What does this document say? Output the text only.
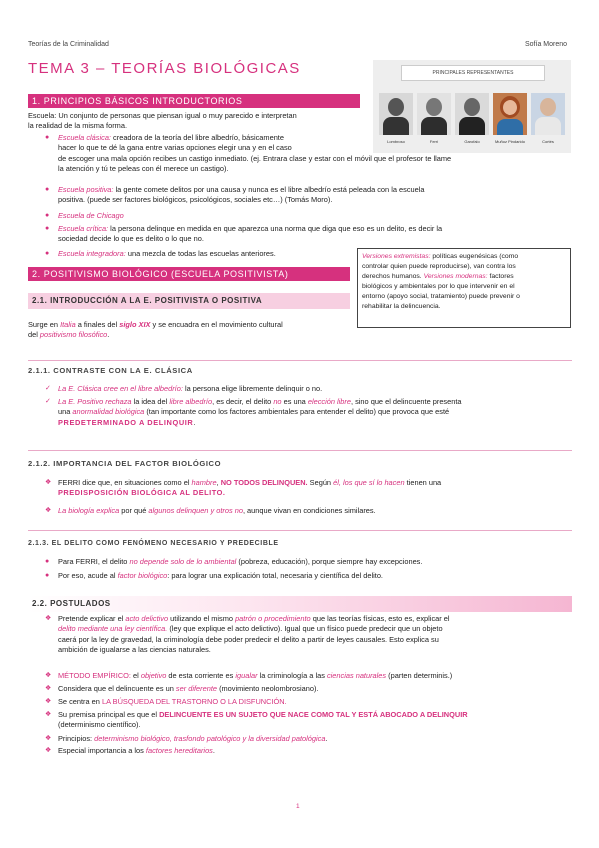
Teorías de la Criminalidad	Sofía Moreno
TEMA 3 – TEORÍAS BIOLÓGICAS	PRINCIPALES REPRESENTANTES
Lombroso	Ferri	Garofalo	Muñoz Pindarido	Cortés
1. PRINCIPIOS BÁSICOS INTRODUCTORIOS
Escuela: Un conjunto de personas que piensan igual o muy parecido e interpretan
la realidad de la misma forma.
● Escuela clásica: creadora de la teoría del libre albedrío, básicamente
hacer lo que te dé la gana entre varias opciones elegir una y en el caso
de escoger una mala opción recibes un castigo inmediato. (ej. Entrara clase y estar con el móvil que el profesor te llame
la atención y tú te peleas con él merece un castigo).
● Escuela positiva: la gente comete delitos por una causa y nunca es el libre albedrío está peleada con la escuela
positiva. (puede ser factores biológicos, psicológicos, sociales etc…) (Tomás Moro).
● Escuela de Chicago
● Escuela crítica: la persona delinque en medida en que aparezca una norma que diga que eso es un delito, es decir la
sociedad decide lo que es delito o lo que no.
● Escuela integradora: una mezcla de todas las escuelas anteriores.	Versiones extremistas: políticas eugenésicas (como
controlar quien puede reproducirse), van contra los
derechos humanos. Versiones modernas: factores
biológicos y ambientales por lo que intervenir en el
entorno (apoyo social, tratamiento) puede prevenir o
rehabilitar la delincuencia.
2. POSITIVISMO BIOLÓGICO (ESCUELA POSITIVISTA)
2.1. INTRODUCCIÓN A LA E. POSITIVISTA O POSITIVA
Surge en Italia a finales del siglo XIX y se encuadra en el movimiento cultural
del positivismo filosófico.
2.1.1. CONTRASTE CON LA E. CLÁSICA
✓ La E. Clásica cree en el libre albedrío: la persona elige libremente delinquir o no.
✓ La E. Positivo rechaza la idea del libre albedrío, es decir, el delito no es una elección libre, sino que el delincuente presenta
una anormalidad biológica (tan importante como los factores ambientales para entender el delito) que provoca que esté
PREDETERMINADO A DELINQUIR.
2.1.2. IMPORTANCIA DEL FACTOR BIOLÓGICO
❖ FERRI dice que, en situaciones como el hambre, NO TODOS DELINQUEN. Según él, los que sí lo hacen tienen una
PREDISPOSICIÓN BIOLÓGICA AL DELITO.
❖ La biología explica por qué algunos delinquen y otros no, aunque vivan en condiciones similares.
2.1.3. EL DELITO COMO FENÓMENO NECESARIO Y PREDECIBLE
● Para FERRI, el delito no depende solo de lo ambiental (pobreza, educación), porque siempre hay excepciones.
● Por eso, acude al factor biológico: para lograr una explicación total, necesaria y científica del delito.
2.2. POSTULADOS
❖ Pretende explicar el acto delictivo utilizando el mismo patrón o procedimiento que las teorías físicas, esto es, explicar el
delito mediante una ley científica. (ley que explique el acto delictivo). Igual que un físico puede predecir que un objeto
caerá por la ley de gravedad, la criminología debe poder predecir el delito a partir de leyes causales. Esto explica su
ambición de igualarse a las ciencias naturales.
❖ MÉTODO EMPÍRICO: el objetivo de esta corriente es igualar la criminología a las ciencias naturales (parten determinis.)
❖ Considera que el delincuente es un ser diferente (movimiento neolombrosiano).
❖ Se centra en LA BÚSQUEDA DEL TRASTORNO O LA DISFUNCIÓN.
❖ Su premisa principal es que el DELINCUENTE ES UN SUJETO QUE NACE COMO TAL Y ESTÁ ABOCADO A DELINQUIR
(determinismo científico).
❖ Principios: determinismo biológico, trasfondo patológico y la diversidad patológica.
❖ Especial importancia a los factores hereditarios.
1
